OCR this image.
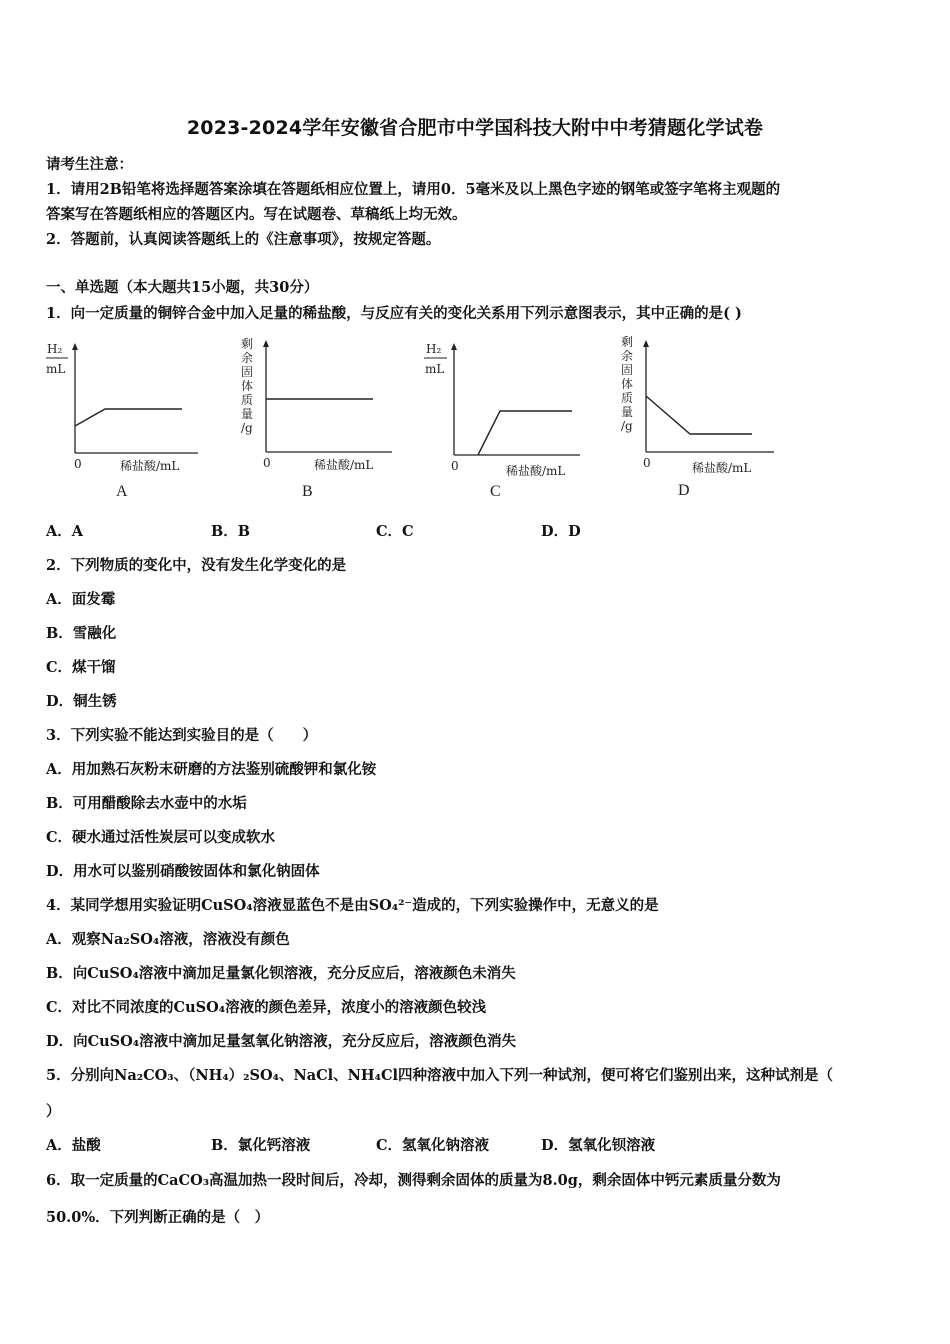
2023-2024学年安徽省合肥市中学国科技大附中中考猜题化学试卷
请考生注意：
1．请用2B铅笔将选择题答案涂填在答题纸相应位置上，请用0．5毫米及以上黑色字迹的钢笔或签字笔将主观题的
答案写在答题纸相应的答题区内。写在试题卷、草稿纸上均无效。
2．答题前，认真阅读答题纸上的《注意事项》，按规定答题。
一、单选题（本大题共15小题，共30分）
1．向一定质量的铜锌合金中加入足量的稀盐酸，与反应有关的变化关系用下列示意图表示，其中正确的是( )
H₂
mL
0	稀盐酸/mL
A
剩
余
固
体
质
量
/g
0	稀盐酸/mL
B
H₂
mL
0	稀盐酸/mL
C
剩
余
固
体
质
量
/g
0	稀盐酸/mL
D
A．A	B．B	C．C	D．D
2．下列物质的变化中，没有发生化学变化的是
A．面发霉
B．雪融化
C．煤干馏
D．铜生锈
3．下列实验不能达到实验目的是（　　）
A．用加熟石灰粉末研磨的方法鉴别硫酸钾和氯化铵
B．可用醋酸除去水壶中的水垢
C．硬水通过活性炭层可以变成软水
D．用水可以鉴别硝酸铵固体和氯化钠固体
4．某同学想用实验证明CuSO₄溶液显蓝色不是由SO₄²⁻造成的，下列实验操作中，无意义的是
A．观察Na₂SO₄溶液，溶液没有颜色
B．向CuSO₄溶液中滴加足量氯化钡溶液，充分反应后，溶液颜色未消失
C．对比不同浓度的CuSO₄溶液的颜色差异，浓度小的溶液颜色较浅
D．向CuSO₄溶液中滴加足量氢氧化钠溶液，充分反应后，溶液颜色消失
5．分别向Na₂CO₃、（NH₄）₂SO₄、NaCl、NH₄Cl四种溶液中加入下列一种试剂，便可将它们鉴别出来，这种试剂是（
）
A．盐酸	B．氯化钙溶液	C．氢氧化钠溶液	D．氢氧化钡溶液
6．取一定质量的CaCO₃高温加热一段时间后，冷却，测得剩余固体的质量为8.0g，剩余固体中钙元素质量分数为
50.0%．下列判断正确的是（　）
